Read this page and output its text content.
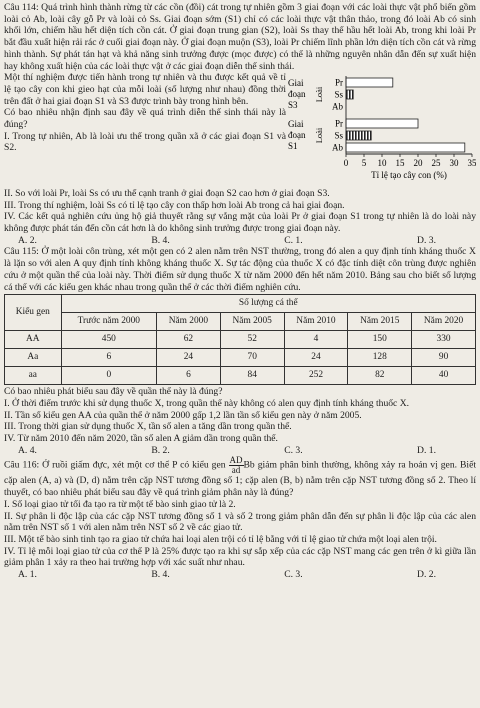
Câu 114: Quá trình hình thành rừng từ các cồn (đồi) cát trong tự nhiên gồm 3 giai đoạn với các loài thực vật phổ biến gồm loài cỏ Ab, loài cây gỗ Pr và loài cỏ Ss. Giai đoạn sớm (S1) chỉ có các loài thực vật thân thảo, trong đó loài Ab có sinh khối lớn, chiếm hầu hết diện tích cồn cát. Ở giai đoạn trung gian (S2), loài Ss thay thế hầu hết loài Ab, trong khi loài Pr bắt đầu xuất hiện rải rác ở cuối giai đoạn này. Ở giai đoạn muộn (S3), loài Pr chiếm lĩnh phần lớn diện tích cồn cát và rừng hình thành. Sự phát tán hạt và khả năng sinh trưởng được (mọc được) có thể là những nguyên nhân dẫn đến sự xuất hiện hay không xuất hiện của các loài thực vật ở các giai đoạn diễn thế sinh thái.

Một thí nghiệm được tiến hành trong tự nhiên và thu được kết quả về tỉ lệ tạo cây con khi gieo hạt của mỗi loài (số lượng như nhau) đồng thời trên đất ở hai giai đoạn S1 và S3 được trình bày trong hình bên.

Có bao nhiêu nhận định sau đây về quá trình diễn thế sinh thái này là đúng?

I. Trong tự nhiên, Ab là loài ưu thế trong quần xã ở các giai đoạn S1 và S2.

Pr
Ss
Ab
Giai
đoạn
S3
Loài
Pr
Ss
Ab
Giai
đoạn
S1
Loài
0 5 10 15 20 25 30 35
Tỉ lệ tạo cây con (%)

II. So với loài Pr, loài Ss có ưu thế cạnh tranh ở giai đoạn S2 cao hơn ở giai đoạn S3.

III. Trong thí nghiệm, loài Ss có tỉ lệ tạo cây con thấp hơn loài Ab trong cả hai giai đoạn.

IV. Các kết quả nghiên cứu ủng hộ giả thuyết rằng sự vắng mặt của loài Pr ở giai đoạn S1 trong tự nhiên là do loài này không được phát tán đến cồn cát hơn là do không sinh trưởng được trong giai đoạn này.

A. 2.	B. 4.	C. 1.	D. 3.

Câu 115: Ở một loài côn trùng, xét một gen có 2 alen nằm trên NST thường, trong đó alen a quy định tính kháng thuốc X là lặn so với alen A quy định tính không kháng thuốc X. Sự tác động của thuốc X có đặc tính diệt côn trùng được nghiên cứu ở một quần thể của loài này. Thời điểm sử dụng thuốc X từ năm 2000 đến hết năm 2010. Bảng sau cho biết số lượng cá thể với các kiểu gen khác nhau trong quần thể ở các thời điểm nghiên cứu.

Kiểu gen	Số lượng cá thể					
	Trước năm 2000	Năm 2000	Năm 2005	Năm 2010	Năm 2015	Năm 2020
AA	450	62	52	4	150	330
Aa	6	24	70	24	128	90
aa	0	6	84	252	82	40

Có bao nhiêu phát biểu sau đây về quần thể này là đúng?

I. Ở thời điểm trước khi sử dụng thuốc X, trong quần thể này không có alen quy định tính kháng thuốc X.

II. Tần số kiểu gen AA của quần thể ở năm 2000 gấp 1,2 lần tần số kiểu gen này ở năm 2005.

III. Trong thời gian sử dụng thuốc X, tần số alen a tăng dần trong quần thể.

IV. Từ năm 2010 đến năm 2020, tần số alen A giảm dần trong quần thể.

A. 4.	B. 2.	C. 3.	D. 1.

Câu 116: Ở ruồi giấm đực, xét một cơ thể P có kiểu gen $\frac{AD}{ad}$ Bb giảm phân bình thường, không xảy ra hoán vị gen. Biết cặp alen (A, a) và (D, d) nằm trên cặp NST tương đồng số 1; cặp alen (B, b) nằm trên cặp NST tương đồng số 2. Theo lí thuyết, có bao nhiêu phát biểu sau đây về quá trình giảm phân này là đúng?

I. Số loại giao tử tối đa tạo ra từ một tế bào sinh giao tử là 2.

II. Sự phân li độc lập của các cặp NST tương đồng số 1 và số 2 trong giảm phân dẫn đến sự phân li độc lập của các alen nằm trên NST số 1 với alen nằm trên NST số 2 về các giao tử.

III. Một tế bào sinh tinh tạo ra giao tử chứa hai loại alen trội có tỉ lệ bằng với tỉ lệ giao tử chứa một loại alen trội.

IV. Tỉ lệ mỗi loại giao tử của cơ thể P là 25% được tạo ra khi sự sắp xếp của các cặp NST mang các gen trên ở kì giữa lần giảm phân 1 xảy ra theo hai trường hợp với xác suất như nhau.

A. 1.	B. 4.	C. 3.	D. 2.
